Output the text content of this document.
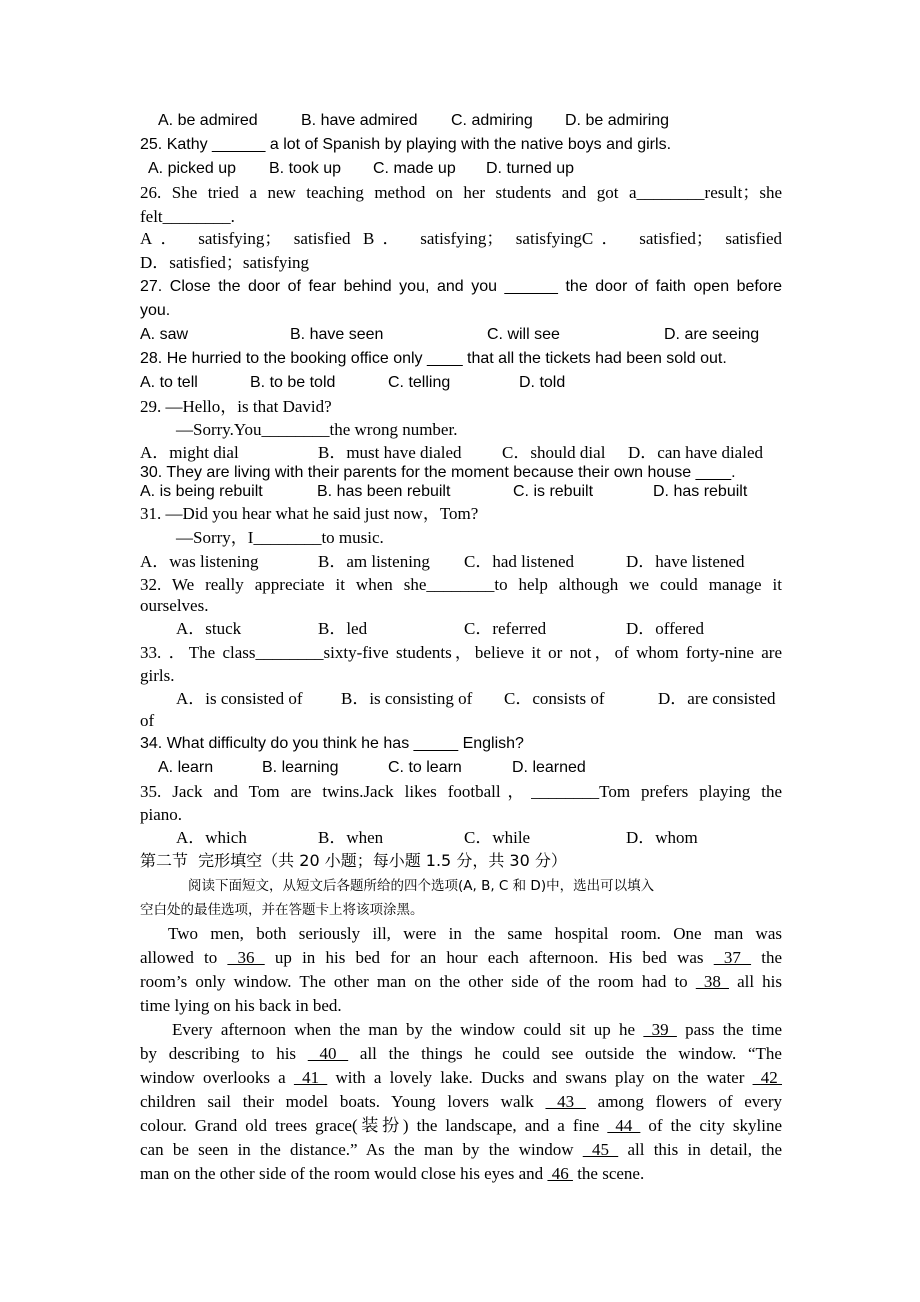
A. be admired	B. have admired C. admiring D. be admiring
25. Kathy ______ a lot of Spanish by playing with the native boys and girls.
A. picked up B. took up C. made up D. turned up
26. She tried a new teaching method on her students and got a________result；she
felt________.
A． satisfying； satisfied B． satisfying； satisfyingC． satisfied； satisfied
D．satisfied；satisfying
27. Close the door of fear behind you, and you ______ the door of faith open before
you.
A. saw	B. have seen	C. will see	D. are seeing
28. He hurried to the booking office only ____ that all the tickets had been sold out.
A. to tell	B. to be told	C. telling	D. told
29. —Hello，is that David?
—Sorry.You________the wrong number.
A．might dial	B．must have dialed C．should dial D．can have dialed
30. They are living with their parents for the moment because their own house ____.
A. is being rebuilt	B. has been rebuilt	C. is rebuilt	D. has rebuilt
31. —Did you hear what he said just now，Tom?
—Sorry，I________to music.
A．was listening	B．am listening C．had listened	D．have listened
32. We really appreciate it when she________to help although we could manage it
ourselves.
A．stuck	B．led	C．referred	D．offered
33. ．The class________sixty-five students，believe it or not，of whom forty-nine are
girls.
A．is consisted of B．is consisting of C．consists of	D．are consisted
of
34. What difficulty do you think he has _____ English?
A. learn	B. learning	C. to learn	D. learned
35. Jack and Tom are twins.Jack likes football，________Tom prefers playing the
piano.
A．which	B．when	C．while	D．whom
第二节  完形填空（共 20 小题；每小题 1.5 分，共 30 分）
阅读下面短文，从短文后各题所给的四个选项(A, B, C 和 D)中，选出可以填入
空白处的最佳选项，并在答题卡上将该项涂黑。
Two men, both seriously ill, were in the same hospital room. One man was
allowed to  36  up in his bed for an hour each afternoon. His bed was  37  the
room’s only window. The other man on the other side of the room had to  38  all his
time lying on his back in bed.
Every afternoon when the man by the window could sit up he  39  pass the time
by describing to his  40  all the things he could see outside the window. “The
window overlooks a  41  with a lovely lake. Ducks and swans play on the water  42
children sail their model boats. Young lovers walk  43  among flowers of every
colour. Grand old trees grace(装扮) the landscape, and a fine  44  of the city skyline
can be seen in the distance.” As the man by the window  45  all this in detail, the
man on the other side of the room would close his eyes and  46  the scene.
